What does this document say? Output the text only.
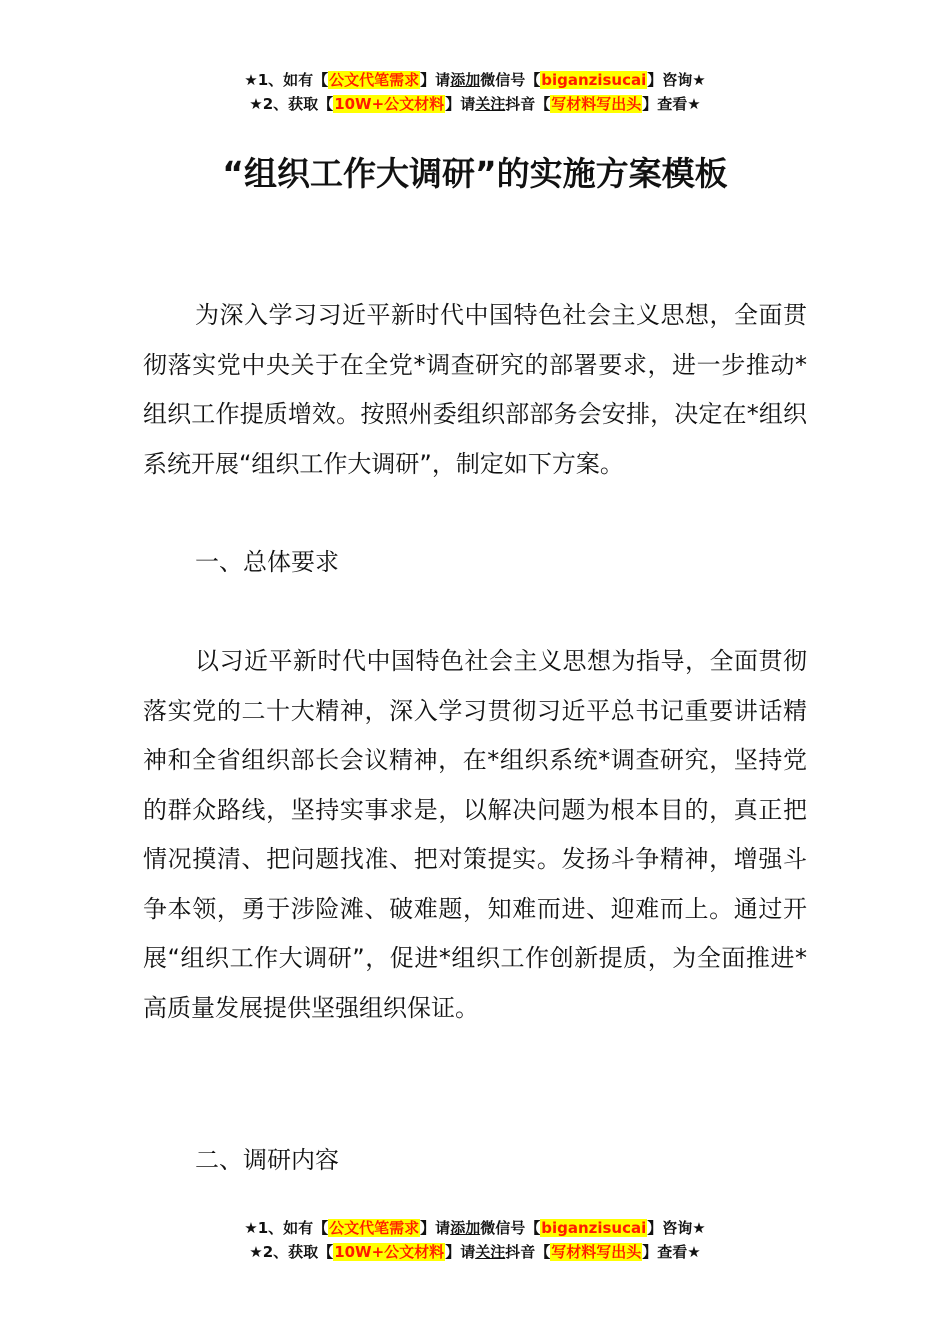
★1、如有【公文代笔需求】请添加微信号【biganzisucai】咨询★
★2、获取【10W+公文材料】请关注抖音【写材料写出头】查看★
“组织工作大调研”的实施方案模板

为深入学习习近平新时代中国特色社会主义思想，全面贯彻落实党中央关于在全党*调查研究的部署要求，进一步推动*组织工作提质增效。按照州委组织部部务会安排，决定在*组织系统开展“组织工作大调研”，制定如下方案。

一、总体要求

以习近平新时代中国特色社会主义思想为指导，全面贯彻落实党的二十大精神，深入学习贯彻习近平总书记重要讲话精神和全省组织部长会议精神，在*组织系统*调查研究，坚持党的群众路线，坚持实事求是，以解决问题为根本目的，真正把情况摸清、把问题找准、把对策提实。发扬斗争精神，增强斗争本领，勇于涉险滩、破难题，知难而进、迎难而上。通过开展“组织工作大调研”，促进*组织工作创新提质，为全面推进*高质量发展提供坚强组织保证。

二、调研内容

★1、如有【公文代笔需求】请添加微信号【biganzisucai】咨询★
★2、获取【10W+公文材料】请关注抖音【写材料写出头】查看★
